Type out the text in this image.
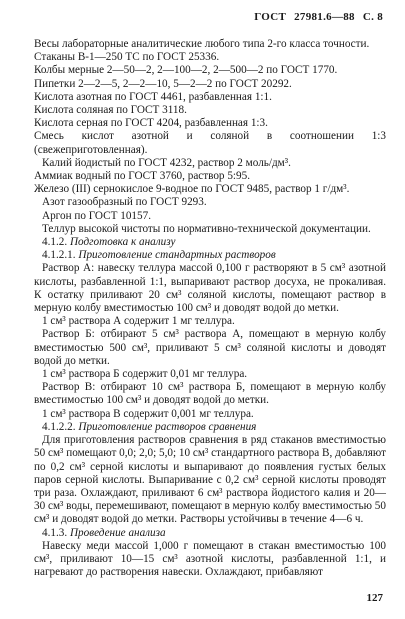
ГОСТ 27981.6—88 С. 8

Весы лабораторные аналитические любого типа 2-го класса точности.

Стаканы В-1—250 ТС по ГОСТ 25336.

Колбы мерные 2—50—2, 2—100—2, 2—500—2 по ГОСТ 1770.

Пипетки 2—2—5, 2—2—10, 5—2—2 по ГОСТ 20292.

Кислота азотная по ГОСТ 4461, разбавленная 1:1.

Кислота соляная по ГОСТ 3118.

Кислота серная по ГОСТ 4204, разбавленная 1:3.

Смесь кислот азотной и соляной в соотношении 1:3 (свежеприготовленная).

Калий йодистый по ГОСТ 4232, раствор 2 моль/дм³.

Аммиак водный по ГОСТ 3760, раствор 5:95.

Железо (III) сернокислое 9-водное по ГОСТ 9485, раствор 1 г/дм³.

Азот газообразный по ГОСТ 9293.

Аргон по ГОСТ 10157.

Теллур высокой чистоты по нормативно-технической документации.

4.1.2. Подготовка к анализу

4.1.2.1. Приготовление стандартных растворов

Раствор А: навеску теллура массой 0,100 г растворяют в 5 см³ азотной кислоты, разбавленной 1:1, выпаривают раствор досуха, не прокаливая. К остатку приливают 20 см³ соляной кислоты, помещают раствор в мерную колбу вместимостью 100 см³ и доводят водой до метки.

1 см³ раствора А содержит 1 мг теллура.

Раствор Б: отбирают 5 см³ раствора А, помещают в мерную колбу вместимостью 500 см³, приливают 5 см³ соляной кислоты и доводят водой до метки.

1 см³ раствора Б содержит 0,01 мг теллура.

Раствор В: отбирают 10 см³ раствора Б, помещают в мерную колбу вместимостью 100 см³ и доводят водой до метки.

1 см³ раствора В содержит 0,001 мг теллура.

4.1.2.2. Приготовление растворов сравнения

Для приготовления растворов сравнения в ряд стаканов вместимостью 50 см³ помещают 0,0; 2,0; 5,0; 10 см³ стандартного раствора В, добавляют по 0,2 см³ серной кислоты и выпаривают до появления густых белых паров серной кислоты. Выпаривание с 0,2 см³ серной кислоты проводят три раза. Охлаждают, приливают 6 см³ раствора йодистого калия и 20—30 см³ воды, перемешивают, помещают в мерную колбу вместимостью 50 см³ и доводят водой до метки. Растворы устойчивы в течение 4—6 ч.

4.1.3. Проведение анализа

Навеску меди массой 1,000 г помещают в стакан вместимостью 100 см³, приливают 10—15 см³ азотной кислоты, разбавленной 1:1, и нагревают до растворения навески. Охлаждают, прибавляют

127
